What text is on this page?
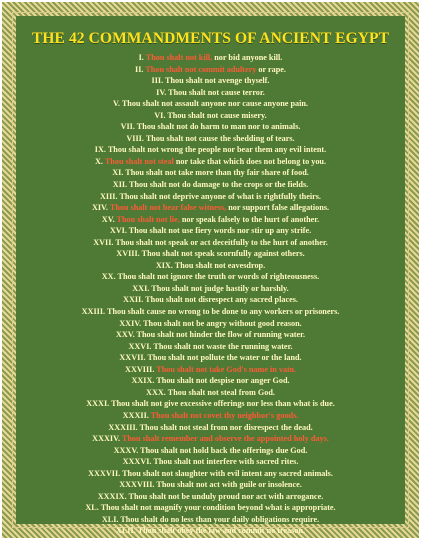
THE 42 COMMANDMENTS OF ANCIENT EGYPT
I. Thou shalt not kill, nor bid anyone kill.
II. Thou shalt not commit adultery or rape.
III. Thou shalt not avenge thyself.
IV. Thou shalt not cause terror.
V. Thou shalt not assault anyone nor cause anyone pain.
VI. Thou shalt not cause misery.
VII. Thou shalt not do harm to man nor to animals.
VIII. Thou shalt not cause the shedding of tears.
IX. Thou shalt not wrong the people nor bear them any evil intent.
X. Thou shalt not steal nor take that which does not belong to you.
XI. Thou shalt not take more than thy fair share of food.
XII. Thou shalt not do damage to the crops or the fields.
XIII. Thou shalt not deprive anyone of what is rightfully theirs.
XIV. Thou shalt not bear false witness, nor support false allegations.
XV. Thou shalt not lie, nor speak falsely to the hurt of another.
XVI. Thou shalt not use fiery words nor stir up any strife.
XVII. Thou shalt not speak or act deceitfully to the hurt of another.
XVIII. Thou shalt not speak scornfully against others.
XIX. Thou shalt not eavesdrop.
XX. Thou shalt not ignore the truth or words of righteousness.
XXI. Thou shalt not judge hastily or harshly.
XXII. Thou shalt not disrespect any sacred places.
XXIII. Thou shalt cause no wrong to be done to any workers or prisoners.
XXIV. Thou shalt not be angry without good reason.
XXV. Thou shalt not hinder the flow of running water.
XXVI. Thou shalt not waste the running water.
XXVII. Thou shalt not pollute the water or the land.
XXVIII. Thou shalt not take God's name in vain.
XXIX. Thou shalt not despise nor anger God.
XXX. Thou shalt not steal from God.
XXXI. Thou shalt not give excessive offerings nor less than what is due.
XXXII. Thou shalt not covet thy neighbor's goods.
XXXIII. Thou shalt not steal from nor disrespect the dead.
XXXIV. Thou shalt remember and observe the appointed holy days.
XXXV. Thou shalt not hold back the offerings due God.
XXXVI. Thou shalt not interfere with sacred rites.
XXXVII. Thou shalt not slaughter with evil intent any sacred animals.
XXXVIII. Thou shalt not act with guile or insolence.
XXXIX. Thou shalt not be unduly proud nor act with arrogance.
XL. Thou shalt not magnify your condition beyond what is appropriate.
XLI. Thou shalt do no less than your daily obligations require.
XLII. Thou shalt obey the law and commit no treason.
